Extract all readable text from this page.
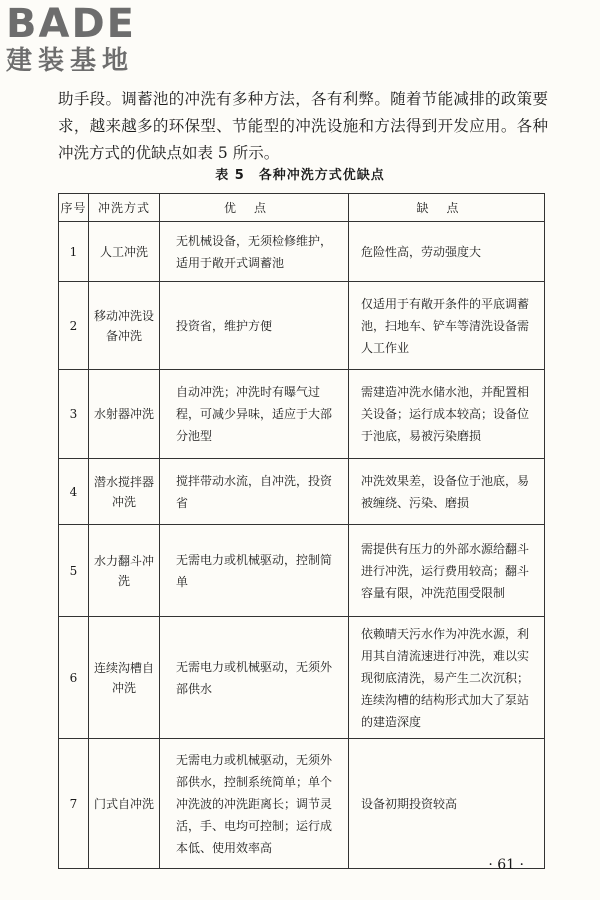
BADE
建装基地

助手段。调蓄池的冲洗有多种方法，各有利弊。随着节能减排的政策要求，越来越多的环保型、节能型的冲洗设施和方法得到开发应用。各种冲洗方式的优缺点如表 5 所示。

表 5　各种冲洗方式优缺点
序号	冲洗方式	优点	缺点
1	人工冲洗	无机械设备，无须检修维护，适用于敞开式调蓄池	危险性高，劳动强度大
2	移动冲洗设备冲洗	投资省，维护方便	仅适用于有敞开条件的平底调蓄池，扫地车、铲车等清洗设备需人工作业
3	水射器冲洗	自动冲洗；冲洗时有曝气过程，可减少异味，适应于大部分池型	需建造冲洗水储水池，并配置相关设备；运行成本较高；设备位于池底，易被污染磨损
4	潜水搅拌器冲洗	搅拌带动水流，自冲洗，投资省	冲洗效果差，设备位于池底，易被缠绕、污染、磨损
5	水力翻斗冲洗	无需电力或机械驱动，控制简单	需提供有压力的外部水源给翻斗进行冲洗，运行费用较高；翻斗容量有限，冲洗范围受限制
6	连续沟槽自冲洗	无需电力或机械驱动，无须外部供水	依赖晴天污水作为冲洗水源，利用其自清流速进行冲洗，难以实现彻底清洗，易产生二次沉积；连续沟槽的结构形式加大了泵站的建造深度
7	门式自冲洗	无需电力或机械驱动，无须外部供水，控制系统简单；单个冲洗波的冲洗距离长；调节灵活，手、电均可控制；运行成本低、使用效率高	设备初期投资较高
· 61 ·
